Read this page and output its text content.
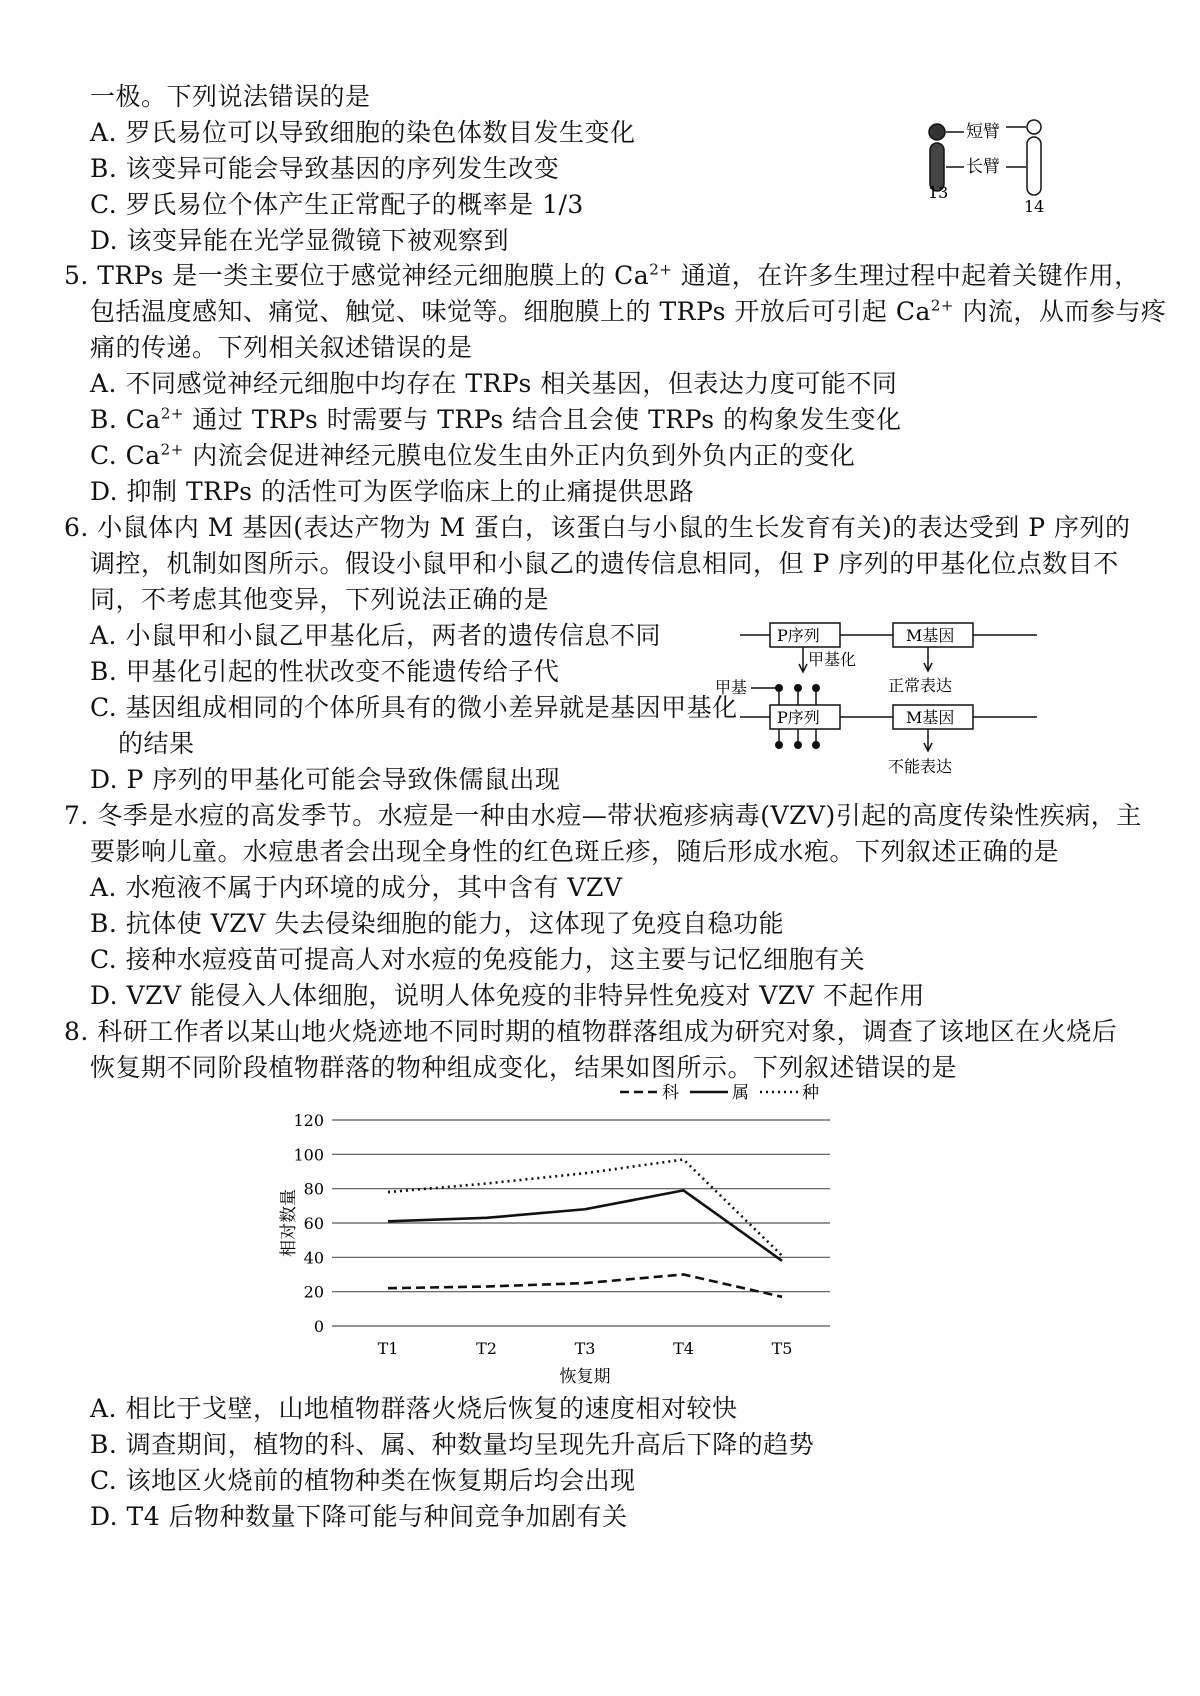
一极。下列说法错误的是
A. 罗氏易位可以导致细胞的染色体数目发生变化
B. 该变异可能会导致基因的序列发生改变
C. 罗氏易位个体产生正常配子的概率是 1/3
D. 该变异能在光学显微镜下被观察到
短臂
长臂
13
14
5. TRPs 是一类主要位于感觉神经元细胞膜上的 $Ca^{2+}$ 通道，在许多生理过程中起着关键作用，
包括温度感知、痛觉、触觉、味觉等。细胞膜上的 TRPs 开放后可引起 $Ca^{2+}$ 内流，从而参与疼
痛的传递。下列相关叙述错误的是
A. 不同感觉神经元细胞中均存在 TRPs 相关基因，但表达力度可能不同
B. $Ca^{2+}$ 通过 TRPs 时需要与 TRPs 结合且会使 TRPs 的构象发生变化
C. $Ca^{2+}$ 内流会促进神经元膜电位发生由外正内负到外负内正的变化
D. 抑制 TRPs 的活性可为医学临床上的止痛提供思路
6. 小鼠体内 M 基因(表达产物为 M 蛋白，该蛋白与小鼠的生长发育有关)的表达受到 P 序列的
调控，机制如图所示。假设小鼠甲和小鼠乙的遗传信息相同，但 P 序列的甲基化位点数目不
同，不考虑其他变异，下列说法正确的是
A. 小鼠甲和小鼠乙甲基化后，两者的遗传信息不同
B. 甲基化引起的性状改变不能遗传给子代
C. 基因组成相同的个体所具有的微小差异就是基因甲基化
的结果
D. P 序列的甲基化可能会导致侏儒鼠出现
P序列	M基因
甲基化
正常表达
甲基
P序列	M基因
不能表达
7. 冬季是水痘的高发季节。水痘是一种由水痘—带状疱疹病毒(VZV)引起的高度传染性疾病，主
要影响儿童。水痘患者会出现全身性的红色斑丘疹，随后形成水疱。下列叙述正确的是
A. 水疱液不属于内环境的成分，其中含有 VZV
B. 抗体使 VZV 失去侵染细胞的能力，这体现了免疫自稳功能
C. 接种水痘疫苗可提高人对水痘的免疫能力，这主要与记忆细胞有关
D. VZV 能侵入人体细胞，说明人体免疫的非特异性免疫对 VZV 不起作用
8. 科研工作者以某山地火烧迹地不同时期的植物群落组成为研究对象，调查了该地区在火烧后
恢复期不同阶段植物群落的物种组成变化，结果如图所示。下列叙述错误的是
0
20
40
60
80
100
120
T1	T2	T3	T4	T5
恢复期
相对数量
科	属	种
A. 相比于戈壁，山地植物群落火烧后恢复的速度相对较快
B. 调查期间，植物的科、属、种数量均呈现先升高后下降的趋势
C. 该地区火烧前的植物种类在恢复期后均会出现
D. T4 后物种数量下降可能与种间竞争加剧有关
